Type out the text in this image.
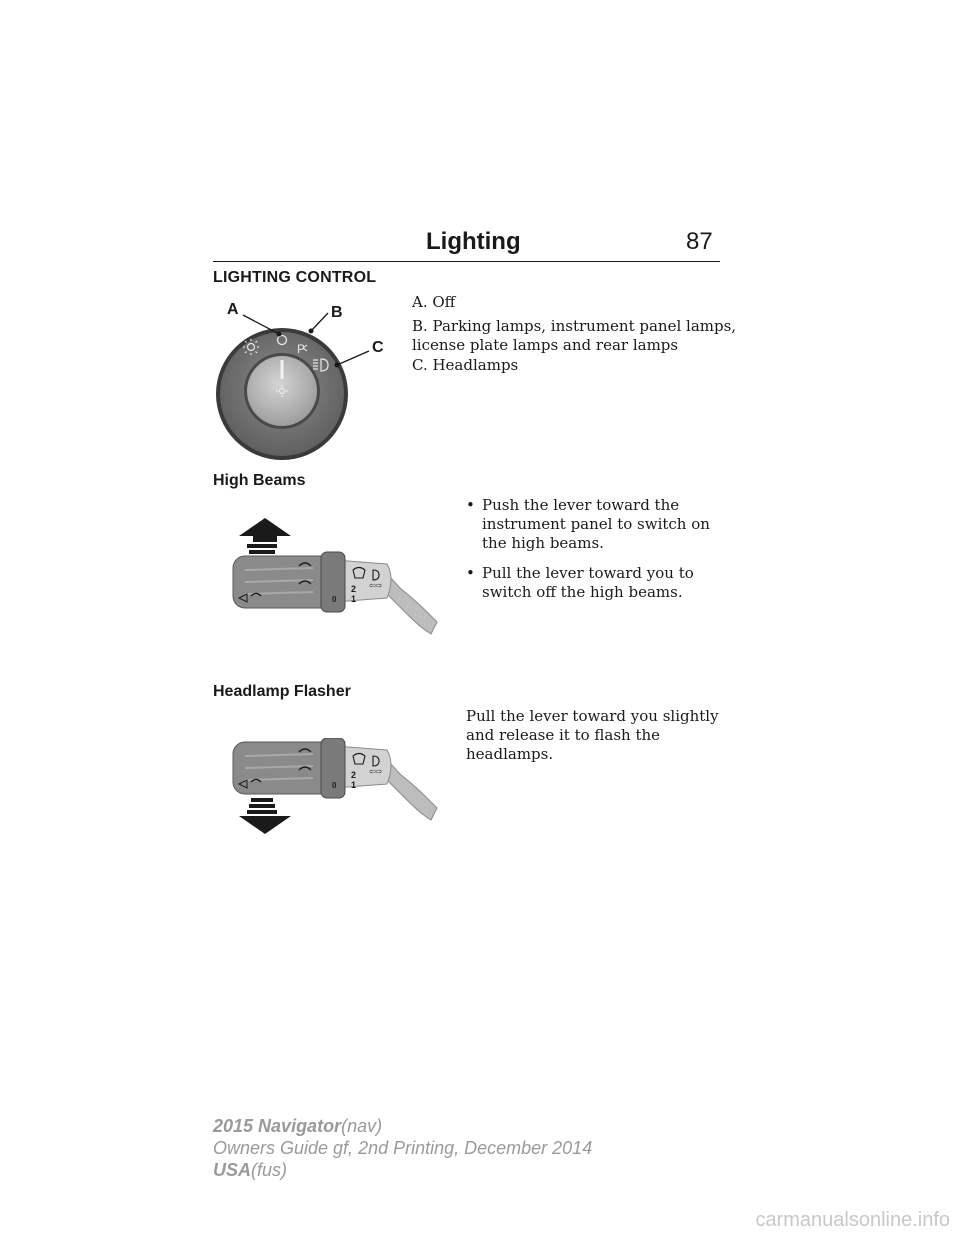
Lighting	87
LIGHTING CONTROL
P
A	B
C

A. Off

B. Parking lamps, instrument panel lamps,

license plate lamps and rear lamps

C. Headlamps

High Beams
0
⇦⇨
2
1
• Push the lever toward the instrument panel to switch on the high beams.
• Pull the lever toward you to switch off the high beams.
Headlamp Flasher

Pull the lever toward you slightly and release it to flash the headlamps.

0
⇦⇨
2
1
2015 Navigator(nav)
Owners Guide gf, 2nd Printing, December 2014
USA(fus)
carmanualsonline.info
